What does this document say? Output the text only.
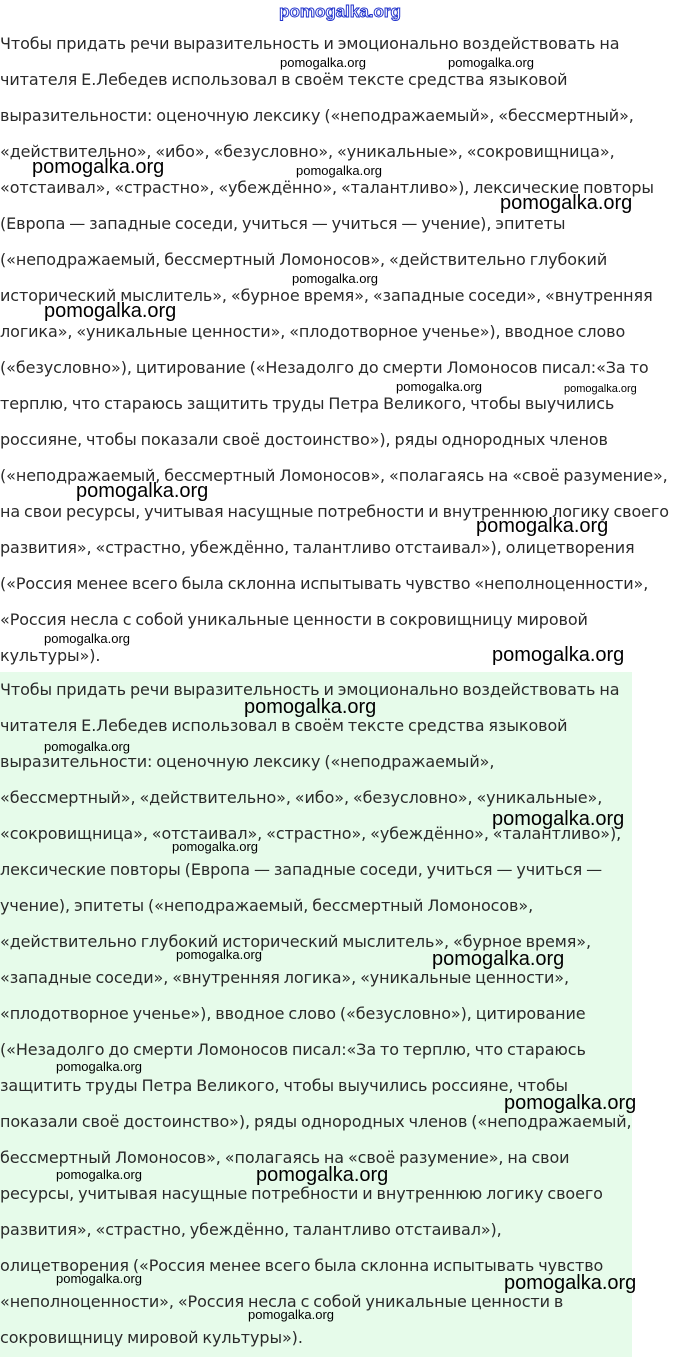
pomogalka.org

Чтобы придать речи выразительность и эмоционально воздействовать на читателя Е.Лебедев использовал в своём тексте средства языковой выразительности: оценочную лексику («неподражаемый», «бессмертный», «действительно», «ибо», «безусловно», «уникальные», «сокровищница», «отстаивал», «страстно», «убеждённо», «талантливо»), лексические повторы (Европа — западные соседи, учиться — учиться — учение), эпитеты («неподражаемый, бессмертный Ломоносов», «действительно глубокий исторический мыслитель», «бурное время», «западные соседи», «внутренняя логика», «уникальные ценности», «плодотворное ученье»), вводное слово («безусловно»), цитирование («Незадолго до смерти Ломоносов писал:«За то терплю, что стараюсь защитить труды Петра Великого, чтобы выучились россияне, чтобы показали своё достоинство»), ряды однородных членов («неподражаемый, бессмертный Ломоносов», «полагаясь на «своё разумение», на свои ресурсы, учитывая насущные потребности и внутреннюю логику своего развития», «страстно, убеждённо, талантливо отстаивал»), олицетворения («Россия менее всего была склонна испытывать чувство «неполноценности», «Россия несла с собой уникальные ценности в сокровищницу мировой культуры»).

Чтобы придать речи выразительность и эмоционально воздействовать на читателя Е.Лебедев использовал в своём тексте средства языковой выразительности: оценочную лексику («неподражаемый», «бессмертный», «действительно», «ибо», «безусловно», «уникальные», «сокровищница», «отстаивал», «страстно», «убеждённо», «талантливо»), лексические повторы (Европа — западные соседи, учиться — учиться — учение), эпитеты («неподражаемый, бессмертный Ломоносов», «действительно глубокий исторический мыслитель», «бурное время», «западные соседи», «внутренняя логика», «уникальные ценности», «плодотворное ученье»), вводное слово («безусловно»), цитирование («Незадолго до смерти Ломоносов писал:«За то терплю, что стараюсь защитить труды Петра Великого, чтобы выучились россияне, чтобы показали своё достоинство»), ряды однородных членов («неподражаемый, бессмертный Ломоносов», «полагаясь на «своё разумение», на свои ресурсы, учитывая насущные потребности и внутреннюю логику своего развития», «страстно, убеждённо, талантливо отстаивал»), олицетворения («Россия менее всего была склонна испытывать чувство «неполноценности», «Россия несла с собой уникальные ценности в сокровищницу мировой культуры»).

pomogalka.org	pomogalka.org
pomogalka.org	pomogalka.org
pomogalka.org
pomogalka.org
pomogalka.org
pomogalka.org	pomogalka.org
pomogalka.org
pomogalka.org
pomogalka.org
pomogalka.org
pomogalka.org
pomogalka.org
pomogalka.org
pomogalka.org
pomogalka.org	pomogalka.org
pomogalka.org
pomogalka.org
pomogalka.org
pomogalka.org
pomogalka.org	pomogalka.org
pomogalka.org
